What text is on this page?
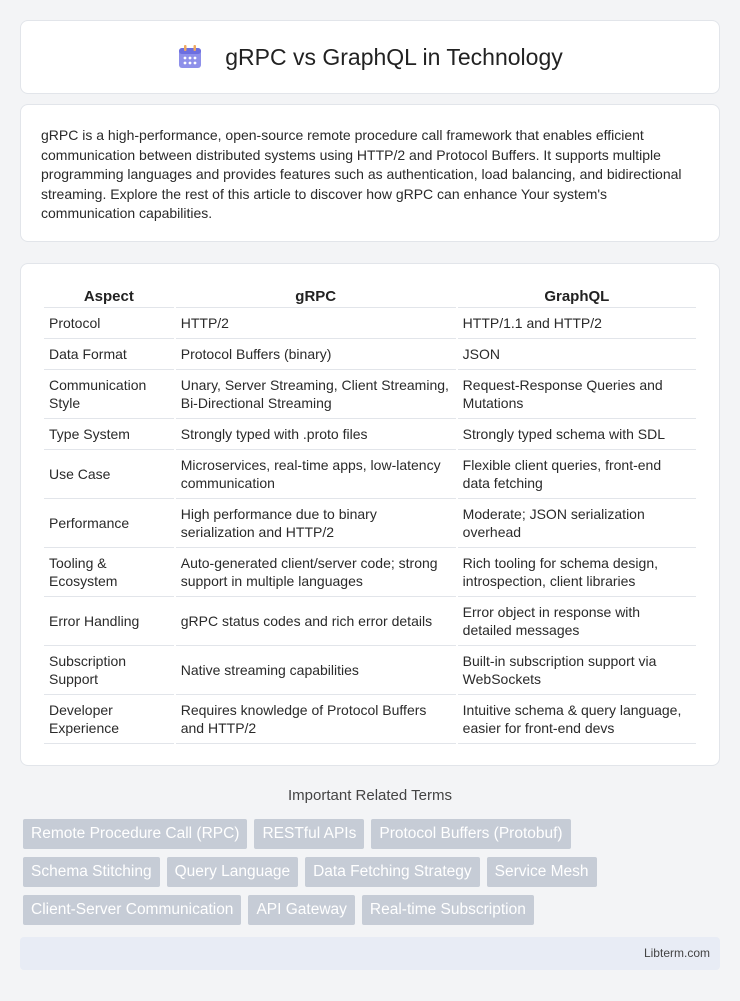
gRPC vs GraphQL in Technology

gRPC is a high-performance, open-source remote procedure call framework that enables efficient communication between distributed systems using HTTP/2 and Protocol Buffers. It supports multiple programming languages and provides features such as authentication, load balancing, and bidirectional streaming. Explore the rest of this article to discover how gRPC can enhance Your system's communication capabilities.

Aspect	gRPC	GraphQL
Protocol	HTTP/2	HTTP/1.1 and HTTP/2
Data Format	Protocol Buffers (binary)	JSON
Communication Style	Unary, Server Streaming, Client Streaming, Bi-Directional Streaming	Request-Response Queries and Mutations
Type System	Strongly typed with .proto files	Strongly typed schema with SDL
Use Case	Microservices, real-time apps, low-latency communication	Flexible client queries, front-end data fetching
Performance	High performance due to binary serialization and HTTP/2	Moderate; JSON serialization overhead
Tooling & Ecosystem	Auto-generated client/server code; strong support in multiple languages	Rich tooling for schema design, introspection, client libraries
Error Handling	gRPC status codes and rich error details	Error object in response with detailed messages
Subscription Support	Native streaming capabilities	Built-in subscription support via WebSockets
Developer Experience	Requires knowledge of Protocol Buffers and HTTP/2	Intuitive schema & query language, easier for front-end devs
Important Related Terms
Remote Procedure Call (RPC)	RESTful APIs	Protocol Buffers (Protobuf)
Schema Stitching	Query Language	Data Fetching Strategy	Service Mesh
Client-Server Communication	API Gateway	Real-time Subscription
Libterm.com
